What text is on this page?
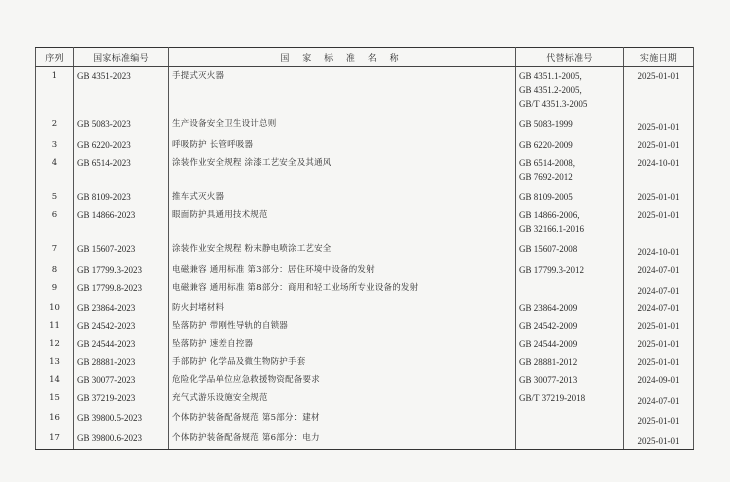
序列	国家标准编号	国 家 标 准 名 称	代替标准号	实施日期
1	GB 4351-2023	手提式灭火器	GB 4351.1-2005,
GB 4351.2-2005,
GB/T 4351.3-2005	2025-01-01
2	GB 5083-2023	生产设备安全卫生设计总则	GB 5083-1999	2025-01-01
3	GB 6220-2023	呼吸防护 长管呼吸器	GB 6220-2009	2025-01-01
4	GB 6514-2023	涂装作业安全规程 涂漆工艺安全及其通风	GB 6514-2008,
GB 7692-2012	2024-10-01
5	GB 8109-2023	推车式灭火器	GB 8109-2005	2025-01-01
6	GB 14866-2023	眼面防护具通用技术规范	GB 14866-2006,
GB 32166.1-2016	2025-01-01
7	GB 15607-2023	涂装作业安全规程 粉末静电喷涂工艺安全	GB 15607-2008	2024-10-01
8	GB 17799.3-2023	电磁兼容 通用标准 第3部分：居住环境中设备的发射	GB 17799.3-2012	2024-07-01
9	GB 17799.8-2023	电磁兼容 通用标准 第8部分：商用和轻工业场所专业设备的发射		2024-07-01
10	GB 23864-2023	防火封堵材料	GB 23864-2009	2024-07-01
11	GB 24542-2023	坠落防护 带刚性导轨的自锁器	GB 24542-2009	2025-01-01
12	GB 24544-2023	坠落防护 速差自控器	GB 24544-2009	2025-01-01
13	GB 28881-2023	手部防护 化学品及微生物防护手套	GB 28881-2012	2025-01-01
14	GB 30077-2023	危险化学品单位应急救援物资配备要求	GB 30077-2013	2024-09-01
15	GB 37219-2023	充气式游乐设施安全规范	GB/T 37219-2018	2024-07-01
16	GB 39800.5-2023	个体防护装备配备规范 第5部分：建材		2025-01-01
17	GB 39800.6-2023	个体防护装备配备规范 第6部分：电力		2025-01-01
